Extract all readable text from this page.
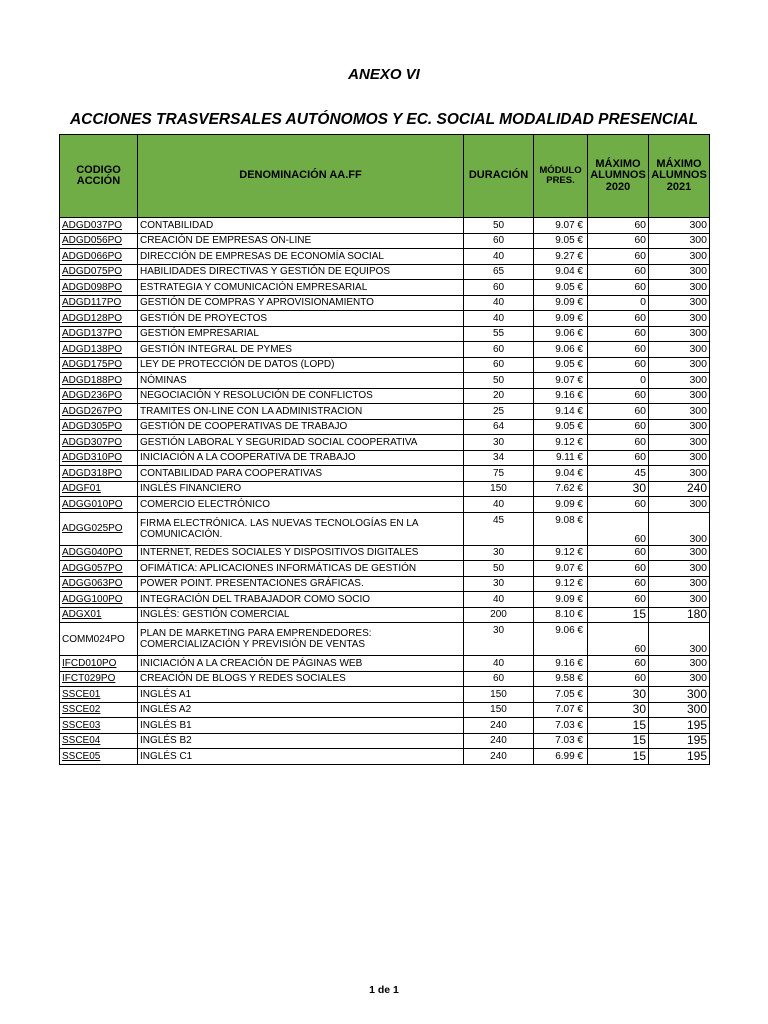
ANEXO VI
ACCIONES TRASVERSALES AUTÓNOMOS Y EC. SOCIAL MODALIDAD PRESENCIAL
CODIGO ACCIÓN	DENOMINACIÓN AA.FF	DURACIÓN	MÓDULO PRES.	MÁXIMO ALUMNOS 2020	MÁXIMO ALUMNOS 2021
ADGD037PO	CONTABILIDAD	50	9.07 €	60	300
ADGD056PO	CREACIÓN DE EMPRESAS ON-LINE	60	9.05 €	60	300
ADGD066PO	DIRECCIÓN DE EMPRESAS DE ECONOMÍA SOCIAL	40	9.27 €	60	300
ADGD075PO	HABILIDADES DIRECTIVAS Y GESTIÓN DE EQUIPOS	65	9.04 €	60	300
ADGD098PO	ESTRATEGIA Y COMUNICACIÓN EMPRESARIAL	60	9.05 €	60	300
ADGD117PO	GESTIÓN DE COMPRAS Y APROVISIONAMIENTO	40	9.09 €	0	300
ADGD128PO	GESTIÓN DE PROYECTOS	40	9.09 €	60	300
ADGD137PO	GESTIÓN EMPRESARIAL	55	9.06 €	60	300
ADGD138PO	GESTIÓN INTEGRAL DE PYMES	60	9.06 €	60	300
ADGD175PO	LEY DE PROTECCIÓN DE DATOS (LOPD)	60	9.05 €	60	300
ADGD188PO	NÓMINAS	50	9.07 €	0	300
ADGD236PO	NEGOCIACIÓN Y RESOLUCIÓN DE CONFLICTOS	20	9.16 €	60	300
ADGD267PO	TRAMITES ON-LINE CON LA ADMINISTRACION	25	9.14 €	60	300
ADGD305PO	GESTIÓN DE COOPERATIVAS DE TRABAJO	64	9.05 €	60	300
ADGD307PO	GESTIÓN LABORAL Y SEGURIDAD SOCIAL COOPERATIVA	30	9.12 €	60	300
ADGD310PO	INICIACIÓN A LA COOPERATIVA DE TRABAJO	34	9.11 €	60	300
ADGD318PO	CONTABILIDAD PARA COOPERATIVAS	75	9.04 €	45	300
ADGF01	INGLÉS FINANCIERO	150	7.62 €	30	240
ADGG010PO	COMERCIO ELECTRÓNICO	40	9.09 €	60	300
ADGG025PO	FIRMA ELECTRÓNICA. LAS NUEVAS TECNOLOGÍAS EN LA COMUNICACIÓN.	45	9.08 €	60	300
ADGG040PO	INTERNET, REDES SOCIALES Y DISPOSITIVOS DIGITALES	30	9.12 €	60	300
ADGG057PO	OFIMÁTICA: APLICACIONES INFORMÁTICAS DE GESTIÓN	50	9.07 €	60	300
ADGG063PO	POWER POINT. PRESENTACIONES GRÁFICAS.	30	9.12 €	60	300
ADGG100PO	INTEGRACIÓN DEL TRABAJADOR COMO SOCIO	40	9.09 €	60	300
ADGX01	INGLÉS: GESTIÓN COMERCIAL	200	8.10 €	15	180
COMM024PO	PLAN DE MARKETING PARA EMPRENDEDORES: COMERCIALIZACIÓN Y PREVISIÓN DE VENTAS	30	9.06 €	60	300
IFCD010PO	INICIACIÓN A LA CREACIÓN DE PÁGINAS WEB	40	9.16 €	60	300
IFCT029PO	CREACIÓN DE BLOGS Y REDES SOCIALES	60	9.58 €	60	300
SSCE01	INGLÉS A1	150	7.05 €	30	300
SSCE02	INGLÉS A2	150	7.07 €	30	300
SSCE03	INGLÉS B1	240	7.03 €	15	195
SSCE04	INGLÉS B2	240	7.03 €	15	195
SSCE05	INGLÉS C1	240	6.99 €	15	195
1 de 1
